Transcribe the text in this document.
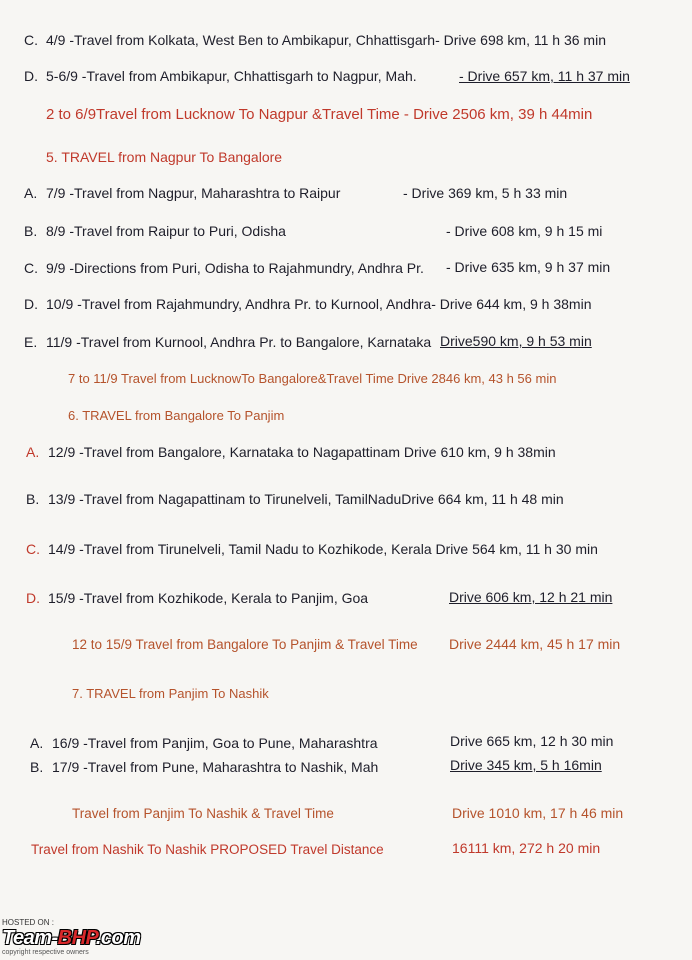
C. 4/9 -Travel from Kolkata, West Ben to Ambikapur, Chhattisgarh- Drive 698 km, 11 h 36 min
D. 5-6/9 -Travel from Ambikapur, Chhattisgarh to Nagpur, Mah.	- Drive 657 km, 11 h 37 min
2 to 6/9Travel from Lucknow To Nagpur &Travel Time - Drive 2506 km, 39 h 44min
5. TRAVEL from Nagpur To Bangalore
A. 7/9 -Travel from Nagpur, Maharashtra to Raipur	- Drive 369 km, 5 h 33 min
B. 8/9 -Travel from Raipur to Puri, Odisha	- Drive 608 km, 9 h 15 mi
C. 9/9 -Directions from Puri, Odisha to Rajahmundry, Andhra Pr. - Drive 635 km, 9 h 37 min
D. 10/9 -Travel from Rajahmundry, Andhra Pr. to Kurnool, Andhra- Drive 644 km, 9 h 38min
E. 11/9 -Travel from Kurnool, Andhra Pr. to Bangalore, Karnataka Drive590 km, 9 h 53 min
7 to 11/9 Travel from LucknowTo Bangalore&Travel Time Drive 2846 km, 43 h 56 min
6. TRAVEL from Bangalore To Panjim
A. 12/9 -Travel from Bangalore, Karnataka to Nagapattinam Drive 610 km, 9 h 38min
B. 13/9 -Travel from Nagapattinam to Tirunelveli, TamilNaduDrive 664 km, 11 h 48 min
C. 14/9 -Travel from Tirunelveli, Tamil Nadu to Kozhikode, Kerala Drive 564 km, 11 h 30 min
D. 15/9 -Travel from Kozhikode, Kerala to Panjim, Goa	Drive 606 km, 12 h 21 min
12 to 15/9 Travel from Bangalore To Panjim & Travel Time Drive 2444 km, 45 h 17 min
7. TRAVEL from Panjim To Nashik
A. 16/9 -Travel from Panjim, Goa to Pune, Maharashtra	Drive 665 km, 12 h 30 min
B. 17/9 -Travel from Pune, Maharashtra to Nashik, Mah	Drive 345 km, 5 h 16min
Travel from Panjim To Nashik & Travel Time	Drive 1010 km, 17 h 46 min
Travel from Nashik To Nashik PROPOSED Travel Distance	16111 km, 272 h 20 min
HOSTED ON :
Team-BHP.com
copyright respective owners
